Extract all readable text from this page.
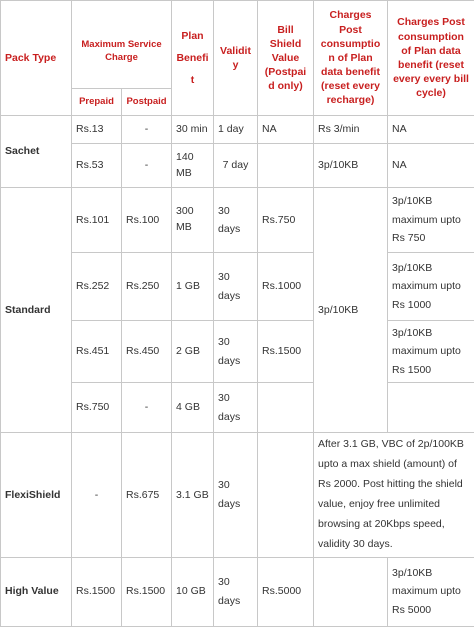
Pack Type	Maximum Service Charge		Plan Benefit	Validity	Bill Shield Value (Postpaid only)	Charges Post consumption of Plan data benefit (reset every recharge)	Charges Post consumption of Plan data benefit (reset every every bill cycle)
	Prepaid	Postpaid					
Sachet	Rs.13	-	30 min	1 day	NA	Rs 3/min	NA
	Rs.53	-	140 MB	7 day		3p/10KB	NA
Standard	Rs.101	Rs.100	300 MB	30 days	Rs.750	3p/10KB	3p/10KB maximum upto Rs 750
	Rs.252	Rs.250	1 GB	30 days	Rs.1000		3p/10KB maximum upto Rs 1000
	Rs.451	Rs.450	2 GB	30 days	Rs.1500		3p/10KB maximum upto Rs 1500
	Rs.750	-	4 GB	30 days			
FlexiShield	-	Rs.675	3.1 GB	30 days		After 3.1 GB, VBC of 2p/100KB upto a max shield (amount) of Rs 2000. Post hitting the shield value, enjoy free unlimited browsing at 20Kbps speed, validity 30 days.	
High Value	Rs.1500	Rs.1500	10 GB	30 days	Rs.5000		3p/10KB maximum upto Rs 5000
